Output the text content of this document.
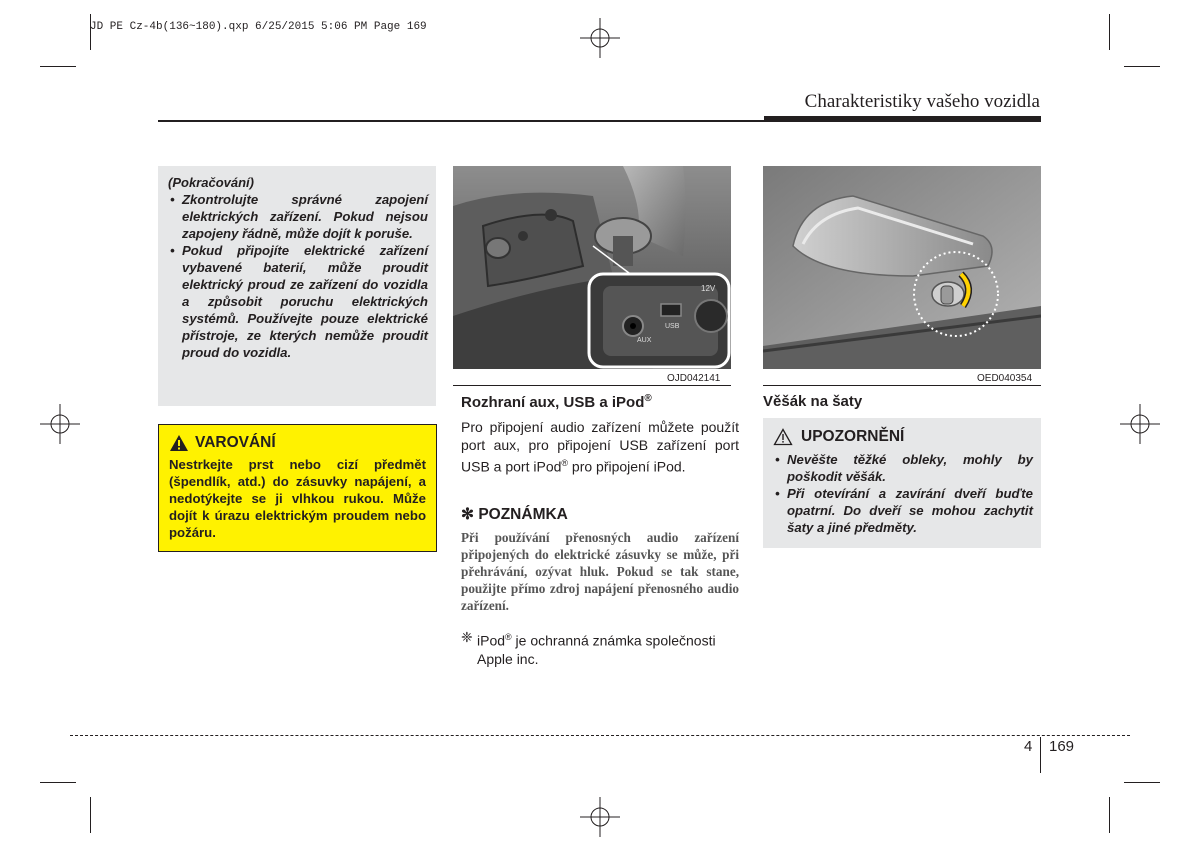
JD PE Cz-4b(136~180).qxp 6/25/2015 5:06 PM Page 169
Charakteristiky vašeho vozidla
(Pokračování)
• Zkontrolujte správné zapojení elektrických zařízení. Pokud nejsou zapojeny řádně, může dojít k poruše.
• Pokud připojíte elektrické zařízení vybavené baterií, může proudit elektrický proud ze zařízení do vozidla a způsobit poruchu elektrických systémů. Používejte pouze elektrické přístroje, ze kterých nemůže proudit proud do vozidla.
VAROVÁNÍ
Nestrkejte prst nebo cizí předmět (špendlík, atd.) do zásuvky napájení, a nedotýkejte se ji vlhkou rukou. Může dojít k úrazu elektrickým proudem nebo požáru.
AUX
USB
12V
OJD042141
Rozhraní aux, USB a iPod®
Pro připojení audio zařízení můžete použít port aux, pro připojení USB zařízení port USB a port iPod® pro připojení iPod.
✻ POZNÁMKA
Při používání přenosných audio zařízení připojených do elektrické zásuvky se může, při přehrávání, ozývat hluk. Pokud se tak stane, použijte přímo zdroj napájení přenosného audio zařízení.
❈ iPod® je ochranná známka společnosti Apple inc.
OED040354
Věšák na šaty
UPOZORNĚNÍ
• Nevěšte těžké obleky, mohly by poškodit věšák.
• Při otevírání a zavírání dveří buďte opatrní. Do dveří se mohou zachytit šaty a jiné předměty.
4 169
